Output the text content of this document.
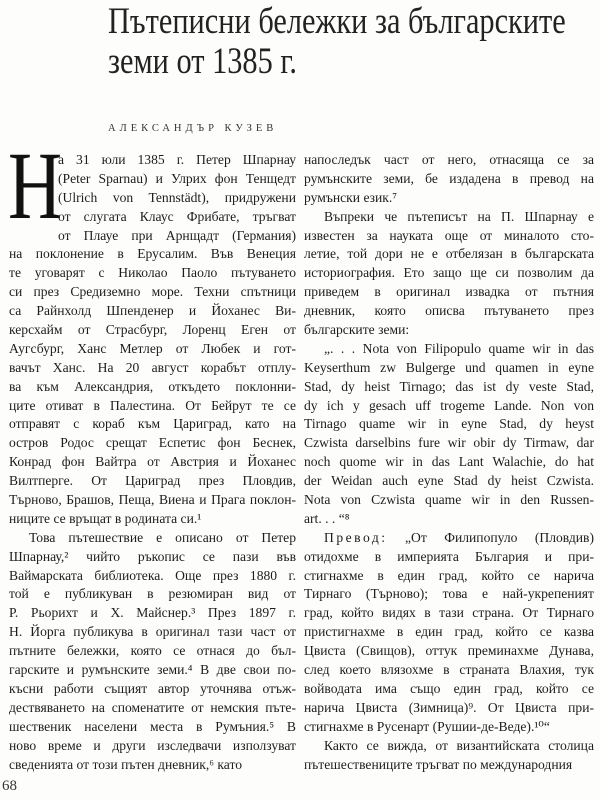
Пътеписни бележки за българските
земи от 1385 г.
АЛЕКСАНДЪР КУЗЕВ
Н
а 31 юли 1385 г. Петер Шпарнау
(Peter Sparnau) и Улрих фон Тенщедт
(Ulrich von Tennstädt), придружени
от слугата Клаус Фрибате, тръгват
от Плауе при Арнщадт (Германия)
на поклонение в Ерусалим. Във Венеция
те уговарят с Николао Паоло пътуването
си през Средиземно море. Техни спътници
са Райнхолд Шпенденер и Йоханес Ви-
керсхайм от Страсбург, Лоренц Еген от
Аугсбург, Ханс Метлер от Любек и гот-
вачът Ханс. На 20 август корабът отплу-
ва към Александрия, откъдето поклонни-
ците отиват в Палестина. От Бейрут те се
отправят с кораб към Цариград, като на
остров Родос срещат Еспетис фон Беснек,
Конрад фон Вайтра от Австрия и Йоханес
Вилтперге. От Цариград през Пловдив,
Търново, Брашов, Пеща, Виена и Прага поклон-
ниците се връщат в родината си.¹
Това пътешествие е описано от Петер
Шпарнау,² чийто ръкопис се пази във
Ваймарската библиотека. Още през 1880 г.
той е публикуван в резюмиран вид от
Р. Рьорихт и Х. Майснер.³ През 1897 г.
Н. Йорга публикува в оригинал тази част от
пътните бележки, която се отнася до бъл-
гарските и румънските земи.⁴ В две свои по-
късни работи същият автор уточнява отъж-
дествяването на споменатите от немския пъте-
шественик населени места в Румъния.⁵ В
ново време и други изследвачи използуват
сведенията от този пътен дневник,⁶ като
напоследък част от него, отнасяща се за
румънските земи, бе издадена в превод на
румънски език.⁷
Въпреки че пътеписът на П. Шпарнау е
известен за науката още от миналото сто-
летие, той дори не е отбелязан в българската
историография. Ето защо ще си позволим да
приведем в оригинал извадка от пътния
дневник, която описва пътуването през
българските земи:
„. . . Nota von Filipopulo quame wir in das
Keyserthum zw Bulgerge und quamen in eyne
Stad, dy heist Tirnago; das ist dy veste Stad,
dy ich y gesach uff trogeme Lande. Non von
Tirnago quame wir in eyne Stad, dy heyst
Czwista darselbins fure wir obir dy Tirmaw, dar
noch quome wir in das Lant Walachie, do hat
der Weidan auch eyne Stad dy heist Czwista.
Nota von Czwista quame wir in den Russen-
art. . . “⁸
Превод: „От Филипопуло (Пловдив)
отидохме в империята България и при-
стигнахме в един град, който се нарича
Тирнаго (Търново); това е най-укрепеният
град, който видях в тази страна. От Тирнаго
пристигнахме в един град, който се казва
Цвиста (Свищов), оттук преминахме Дунава,
след което влязохме в страната Влахия, тук
войводата има също един град, който се
нарича Цвиста (Зимница)⁹. От Цвиста при-
стигнахме в Русенарт (Рушии-де-Веде).¹⁰“
Както се вижда, от византийската столица
пътешествениците тръгват по международния
68
